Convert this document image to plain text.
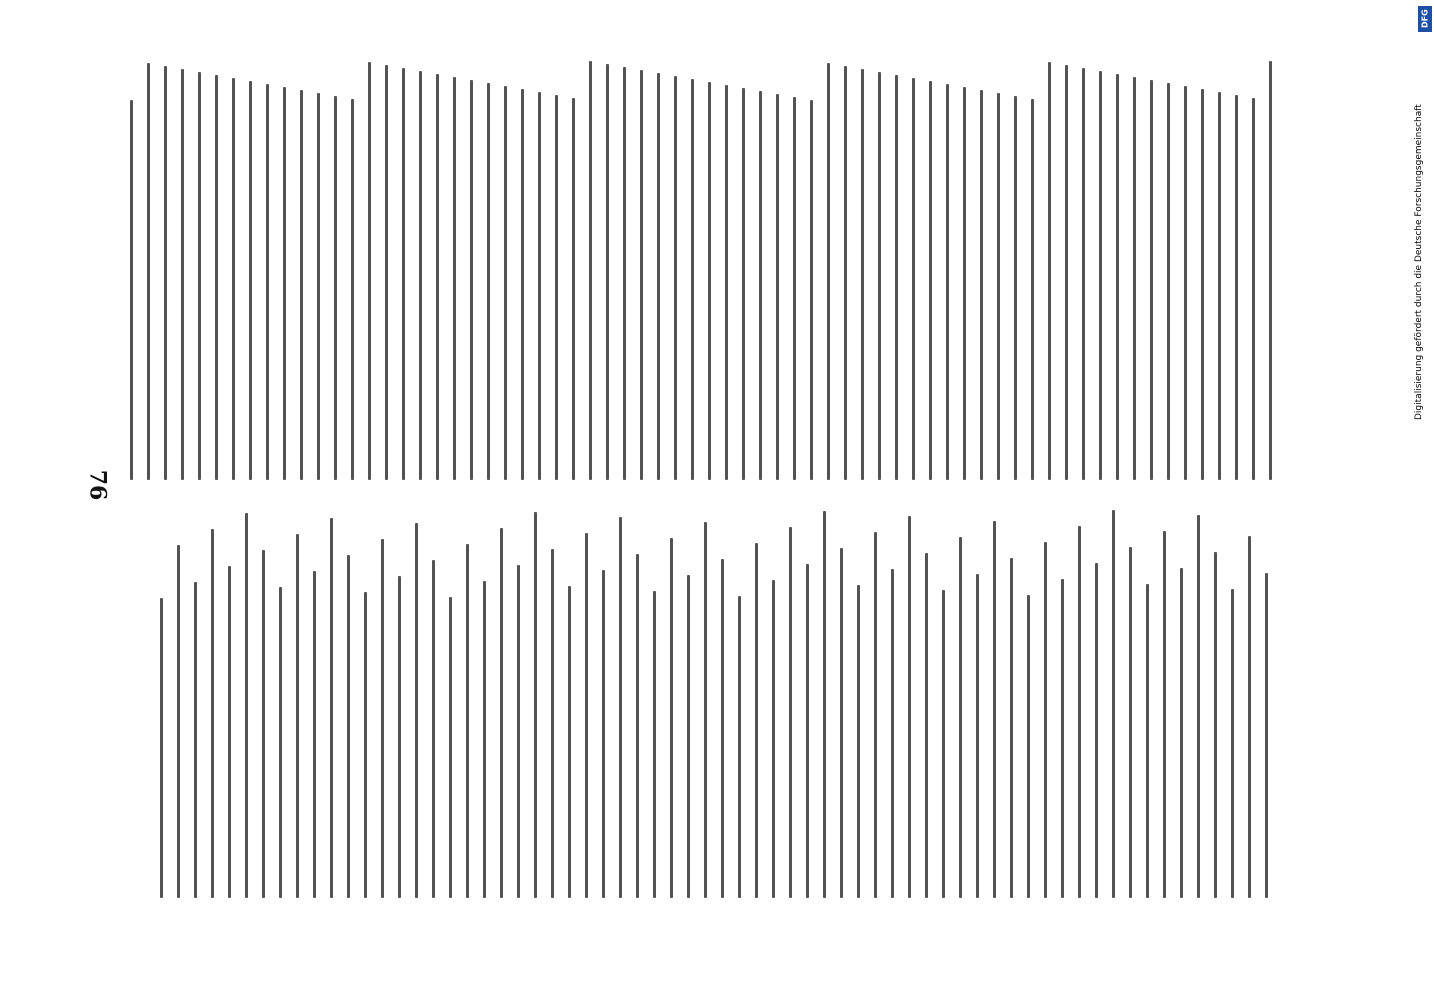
76
DFG
Digitalisierung gefördert durch die Deutsche Forschungsgemeinschaft
